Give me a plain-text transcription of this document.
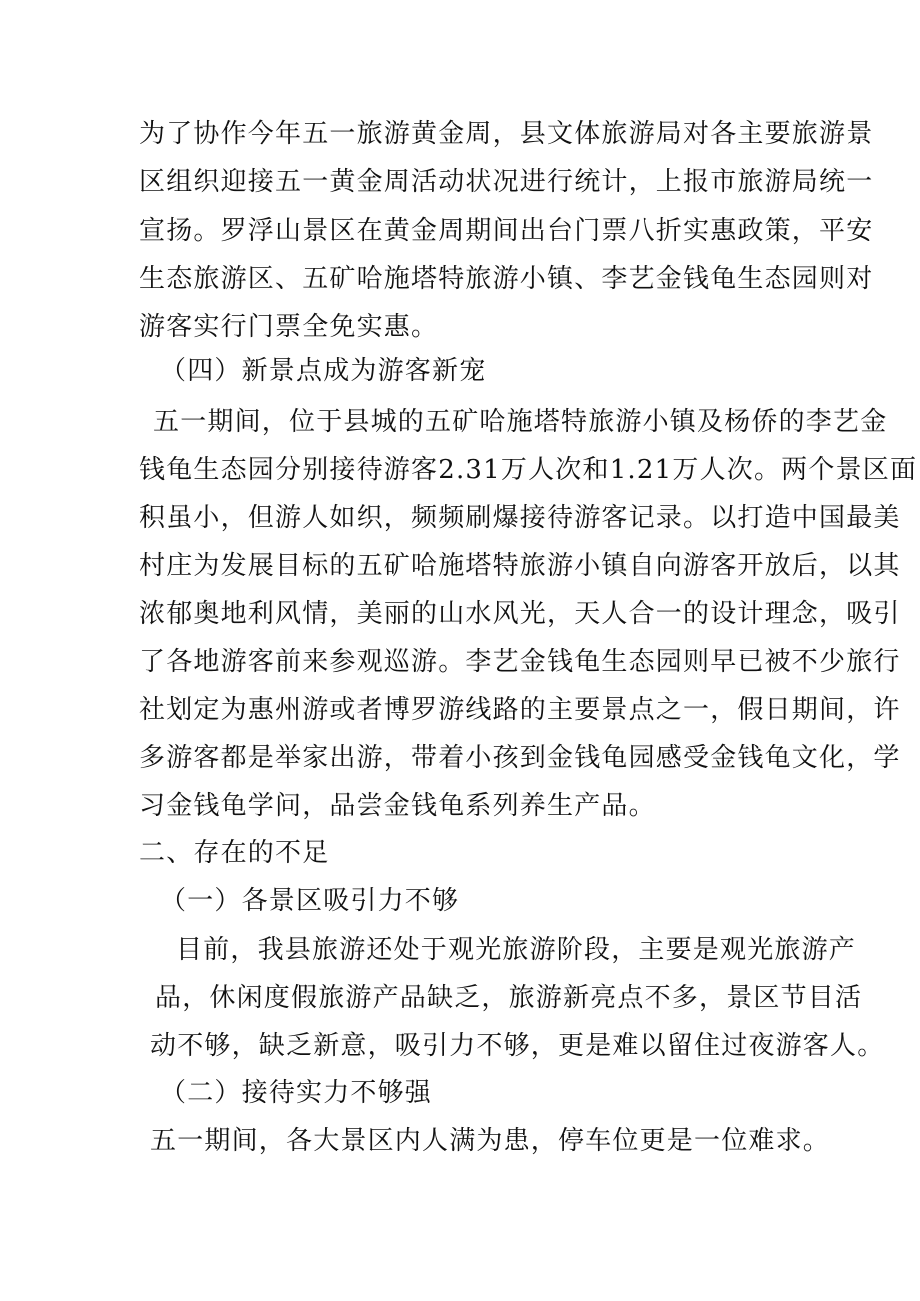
为了协作今年五一旅游黄金周，县文体旅游局对各主要旅游景
区组织迎接五一黄金周活动状况进行统计，上报市旅游局统一
宣扬。罗浮山景区在黄金周期间出台门票八折实惠政策，平安
生态旅游区、五矿哈施塔特旅游小镇、李艺金钱龟生态园则对
游客实行门票全免实惠。
（四）新景点成为游客新宠
五一期间，位于县城的五矿哈施塔特旅游小镇及杨侨的李艺金
钱龟生态园分别接待游客2.31万人次和1.21万人次。两个景区面
积虽小，但游人如织，频频刷爆接待游客记录。以打造中国最美
村庄为发展目标的五矿哈施塔特旅游小镇自向游客开放后，以其
浓郁奥地利风情，美丽的山水风光，天人合一的设计理念，吸引
了各地游客前来参观巡游。李艺金钱龟生态园则早已被不少旅行
社划定为惠州游或者博罗游线路的主要景点之一，假日期间，许
多游客都是举家出游，带着小孩到金钱龟园感受金钱龟文化，学
习金钱龟学问，品尝金钱龟系列养生产品。
二、存在的不足
（一）各景区吸引力不够
目前，我县旅游还处于观光旅游阶段，主要是观光旅游产
品，休闲度假旅游产品缺乏，旅游新亮点不多，景区节目活
动不够，缺乏新意，吸引力不够，更是难以留住过夜游客人。
（二）接待实力不够强
五一期间，各大景区内人满为患，停车位更是一位难求。
